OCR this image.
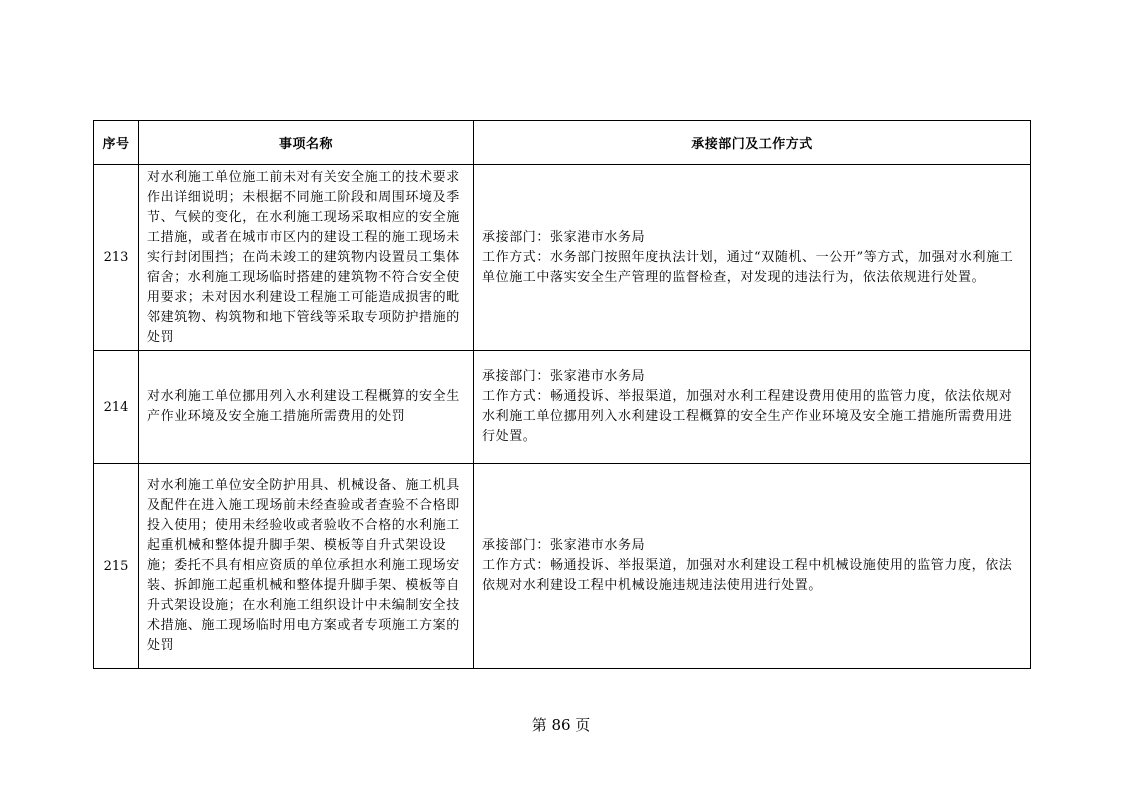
序号	事项名称	承接部门及工作方式
213	对水利施工单位施工前未对有关安全施工的技术要求作出详细说明；未根据不同施工阶段和周围环境及季节、气候的变化，在水利施工现场采取相应的安全施工措施，或者在城市市区内的建设工程的施工现场未实行封闭围挡；在尚未竣工的建筑物内设置员工集体宿舍；水利施工现场临时搭建的建筑物不符合安全使用要求；未对因水利建设工程施工可能造成损害的毗邻建筑物、构筑物和地下管线等采取专项防护措施的处罚	承接部门：张家港市水务局
工作方式：水务部门按照年度执法计划，通过“双随机、一公开”等方式，加强对水利施工单位施工中落实安全生产管理的监督检查，对发现的违法行为，依法依规进行处置。

214	对水利施工单位挪用列入水利建设工程概算的安全生产作业环境及安全施工措施所需费用的处罚	承接部门：张家港市水务局
工作方式：畅通投诉、举报渠道，加强对水利工程建设费用使用的监管力度，依法依规对水利施工单位挪用列入水利建设工程概算的安全生产作业环境及安全施工措施所需费用进行处置。

215	对水利施工单位安全防护用具、机械设备、施工机具及配件在进入施工现场前未经查验或者查验不合格即投入使用；使用未经验收或者验收不合格的水利施工起重机械和整体提升脚手架、模板等自升式架设设施；委托不具有相应资质的单位承担水利施工现场安装、拆卸施工起重机械和整体提升脚手架、模板等自升式架设设施；在水利施工组织设计中未编制安全技术措施、施工现场临时用电方案或者专项施工方案的处罚	承接部门：张家港市水务局
工作方式：畅通投诉、举报渠道，加强对水利建设工程中机械设施使用的监管力度，依法依规对水利建设工程中机械设施违规违法使用进行处置。
第 86 页
